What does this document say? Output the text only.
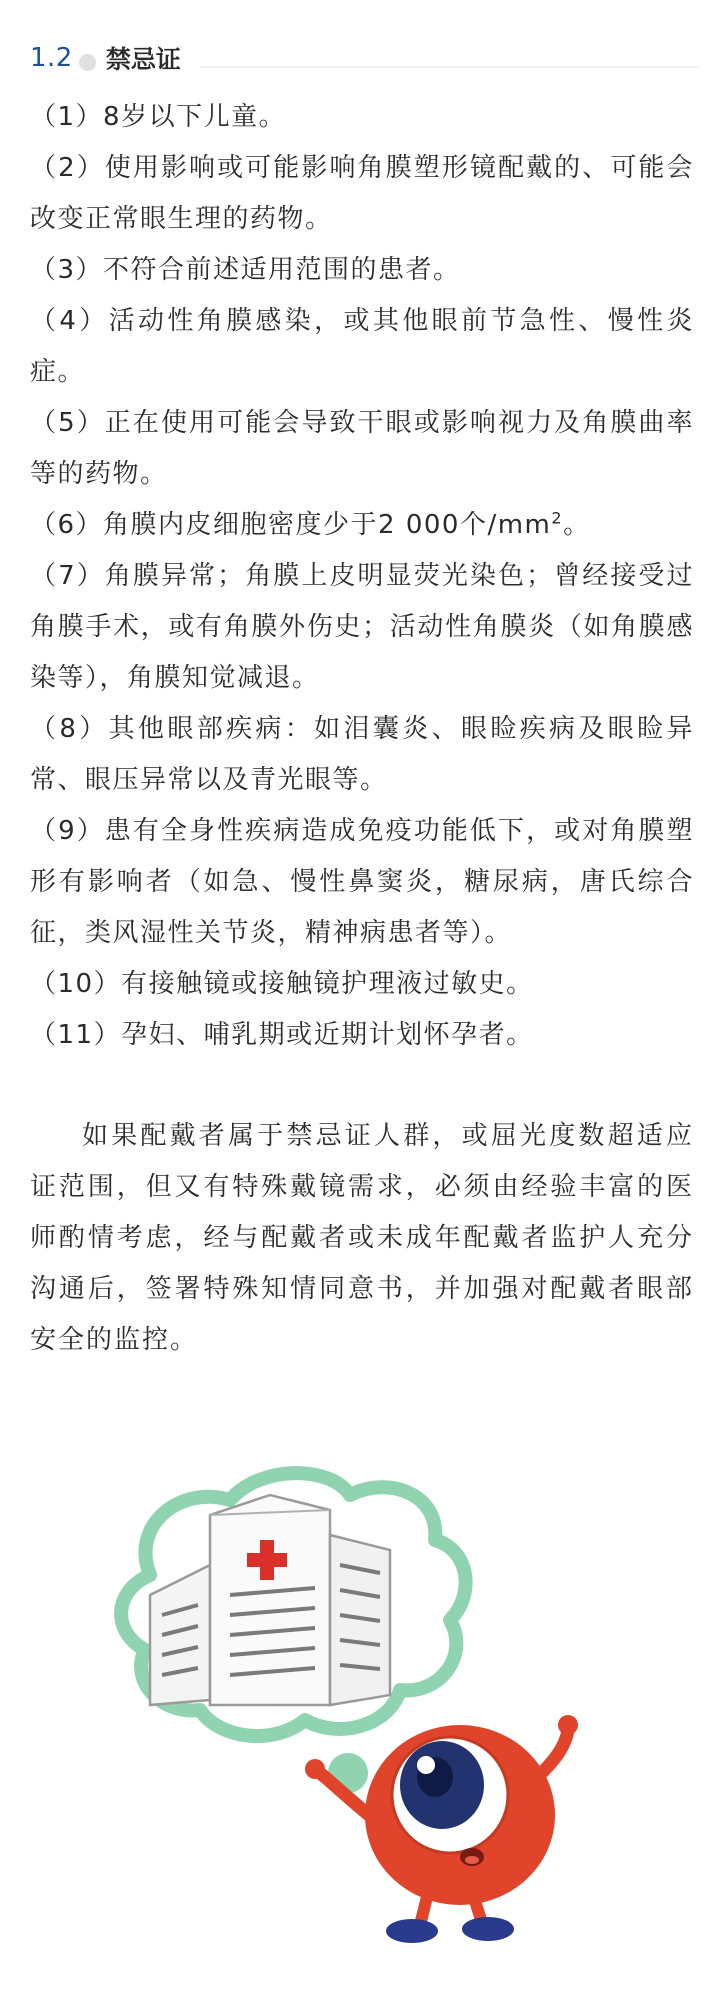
1.2 禁忌证

（1）8岁以下儿童。

（2）使用影响或可能影响角膜塑形镜配戴的、可能会改变正常眼生理的药物。

（3）不符合前述适用范围的患者。

（4）活动性角膜感染，或其他眼前节急性、慢性炎症。

（5）正在使用可能会导致干眼或影响视力及角膜曲率等的药物。

（6）角膜内皮细胞密度少于2 000个$/mm^2$。

（7）角膜异常；角膜上皮明显荧光染色；曾经接受过角膜手术，或有角膜外伤史；活动性角膜炎（如角膜感染等），角膜知觉减退。

（8）其他眼部疾病：如泪囊炎、眼睑疾病及眼睑异常、眼压异常以及青光眼等。

（9）患有全身性疾病造成免疫功能低下，或对角膜塑形有影响者（如急、慢性鼻窦炎，糖尿病，唐氏综合征，类风湿性关节炎，精神病患者等）。

（10）有接触镜或接触镜护理液过敏史。

（11）孕妇、哺乳期或近期计划怀孕者。

如果配戴者属于禁忌证人群，或屈光度数超适应证范围，但又有特殊戴镜需求，必须由经验丰富的医师酌情考虑，经与配戴者或未成年配戴者监护人充分沟通后，签署特殊知情同意书，并加强对配戴者眼部安全的监控。
